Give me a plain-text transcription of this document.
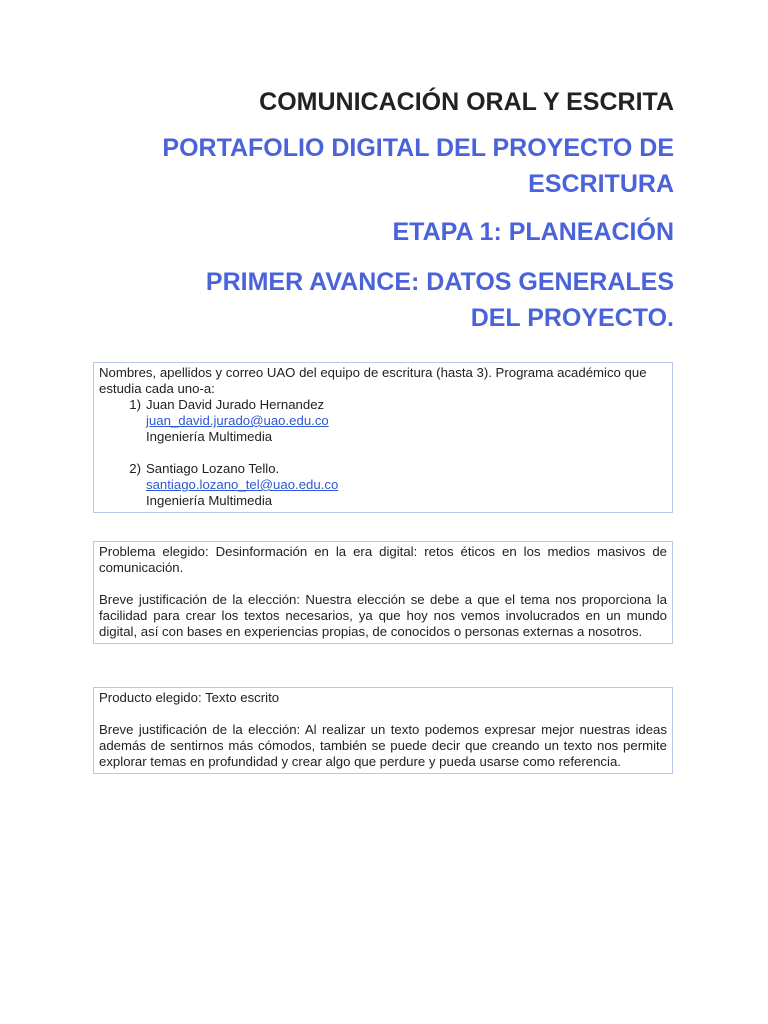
COMUNICACIÓN ORAL Y ESCRITA

PORTAFOLIO DIGITAL DEL PROYECTO DE
ESCRITURA
ETAPA 1: PLANEACIÓN
PRIMER AVANCE: DATOS GENERALES
DEL PROYECTO.
Nombres, apellidos y correo UAO del equipo de escritura (hasta 3). Programa académico que estudia cada uno-a:
1) Juan David Jurado Hernandez
juan_david.jurado@uao.edu.co
Ingeniería Multimedia
2) Santiago Lozano Tello.
santiago.lozano_tel@uao.edu.co
Ingeniería Multimedia
Problema elegido: Desinformación en la era digital: retos éticos en los medios masivos de comunicación.
Breve justificación de la elección: Nuestra elección se debe a que el tema nos proporciona la facilidad para crear los textos necesarios, ya que hoy nos vemos involucrados en un mundo digital, así con bases en experiencias propias, de conocidos o personas externas a nosotros.
Producto elegido: Texto escrito
Breve justificación de la elección: Al realizar un texto podemos expresar mejor nuestras ideas además de sentirnos más cómodos, también se puede decir que creando un texto nos permite explorar temas en profundidad y crear algo que perdure y pueda usarse como referencia.
